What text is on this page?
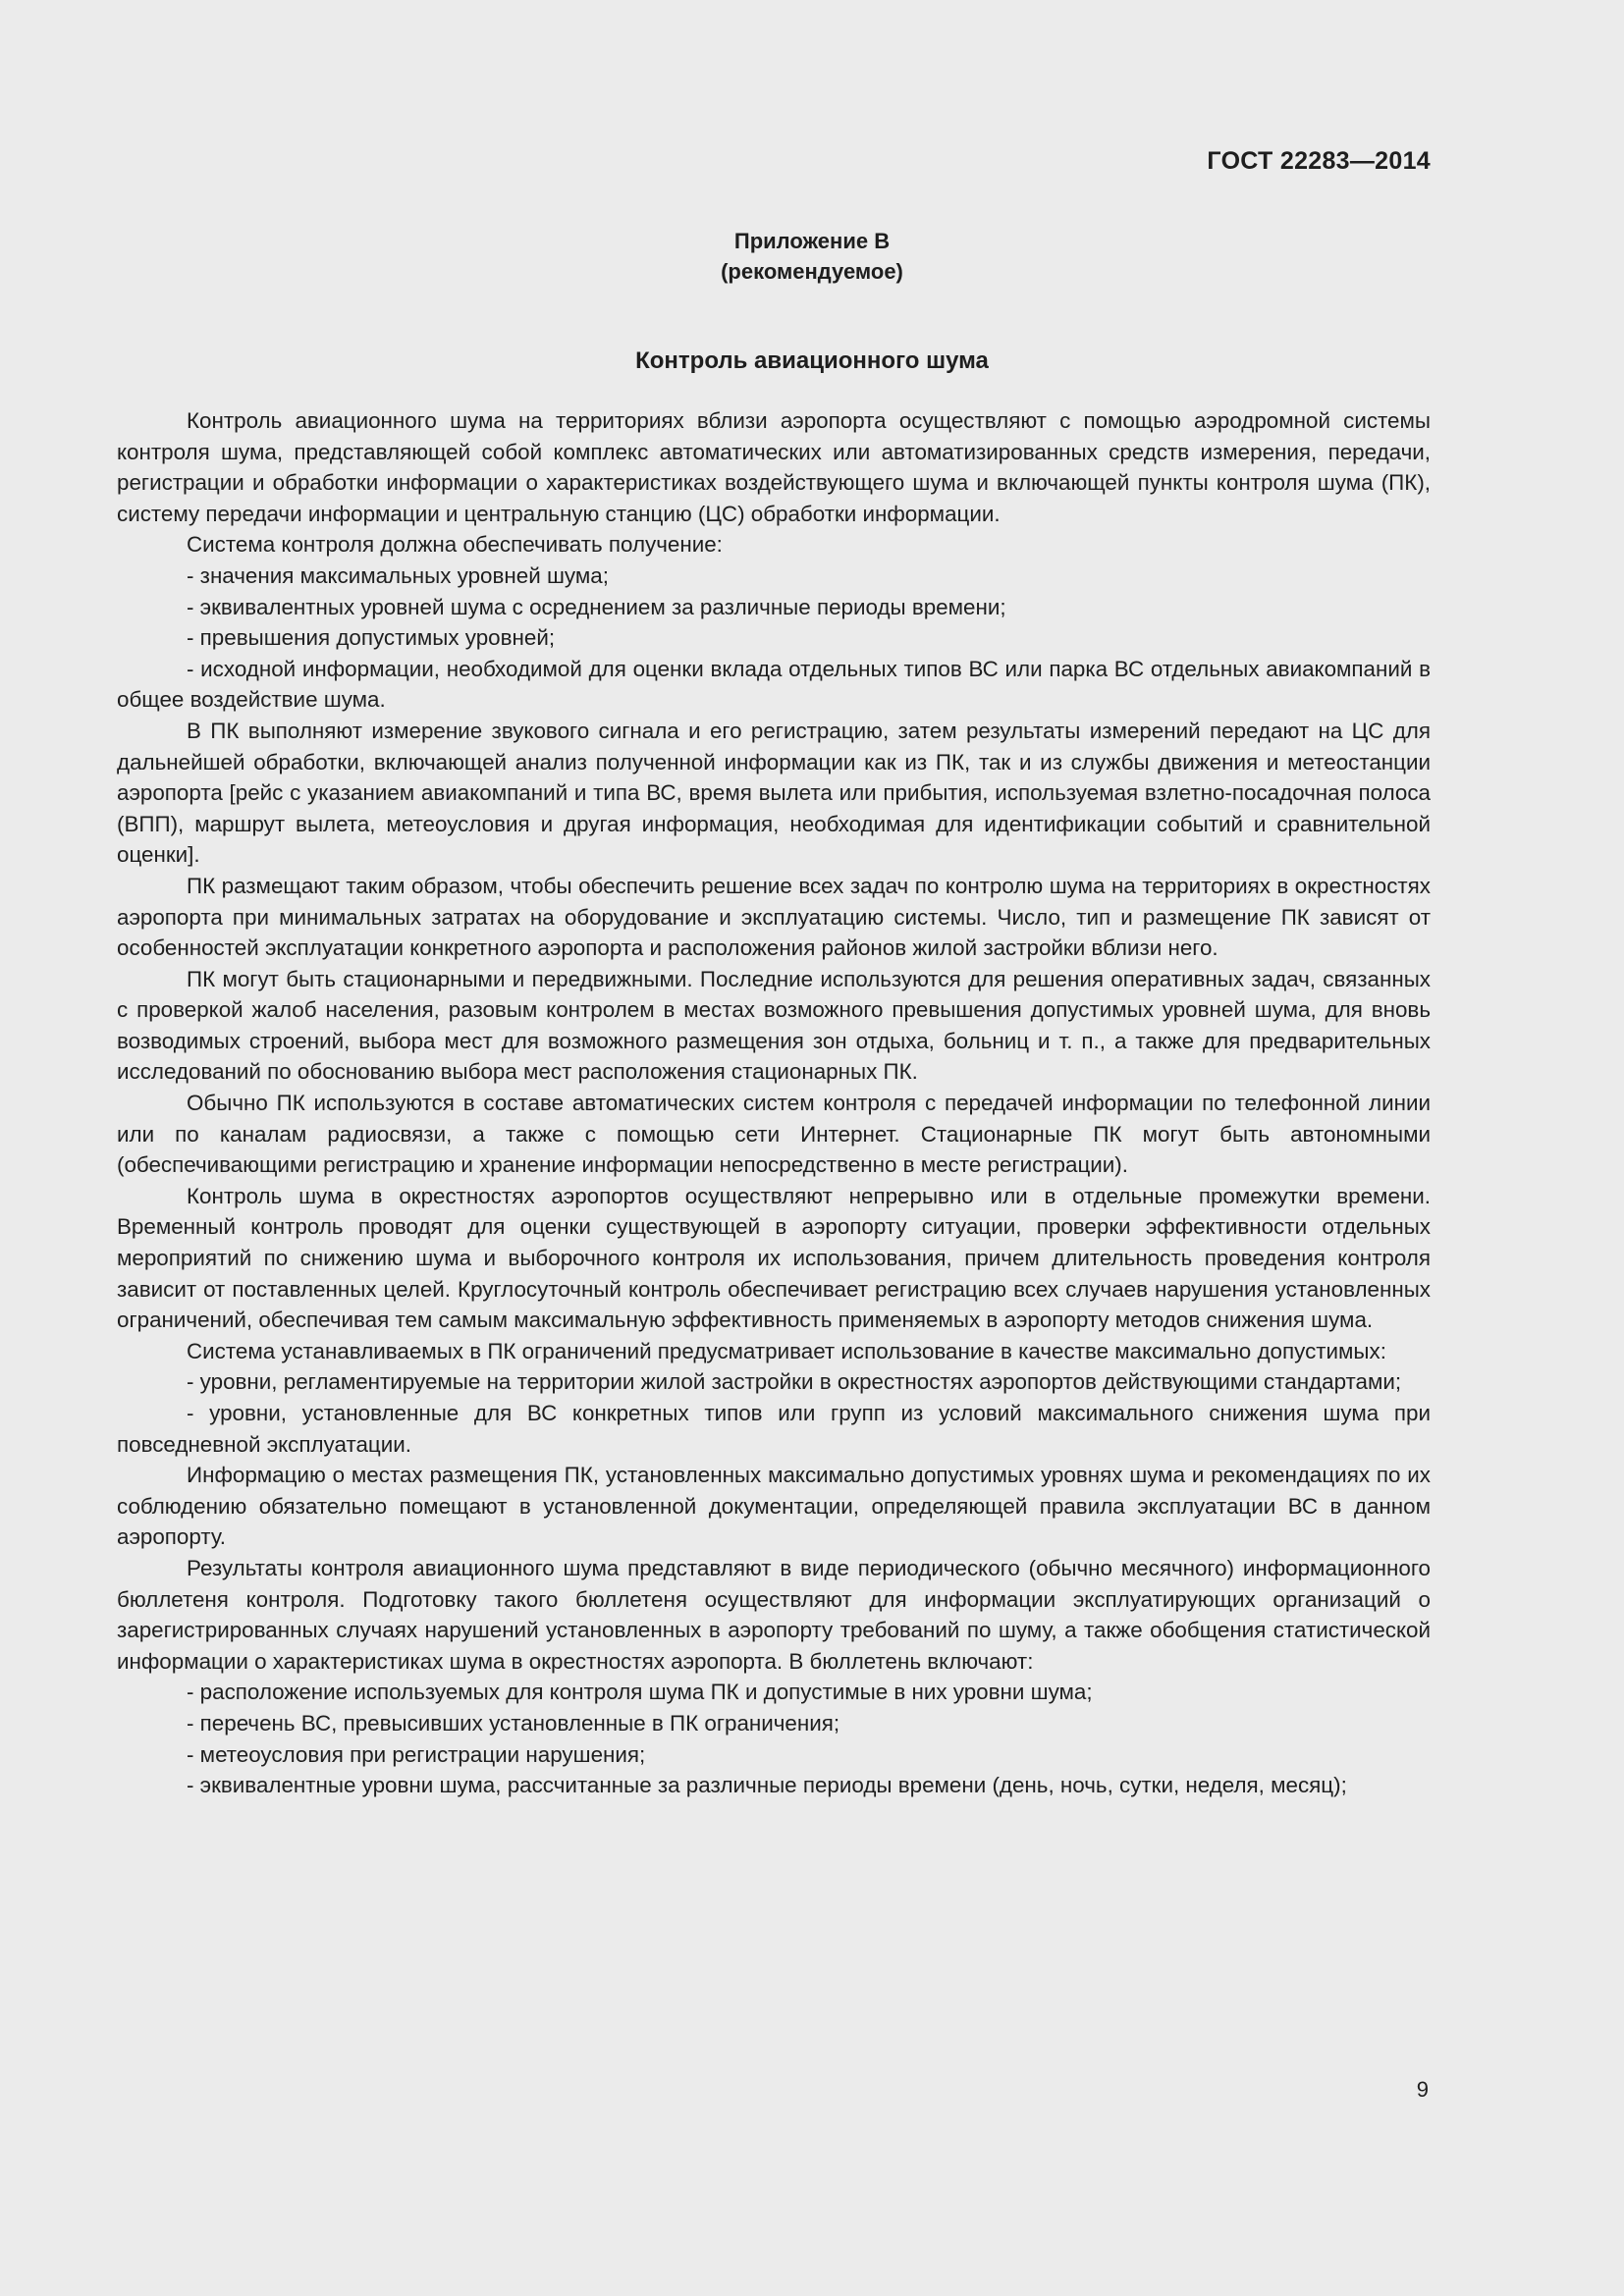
ГОСТ 22283—2014
Приложение В
(рекомендуемое)
Контроль авиационного шума

Контроль авиационного шума на территориях вблизи аэропорта осуществляют с помощью аэродромной системы контроля шума, представляющей собой комплекс автоматических или автоматизированных средств измерения, передачи, регистрации и обработки информации о характеристиках воздействующего шума и включающей пункты контроля шума (ПК), систему передачи информации и центральную станцию (ЦС) обработки информации.

Система контроля должна обеспечивать получение:

- значения максимальных уровней шума;

- эквивалентных уровней шума с осреднением за различные периоды времени;

- превышения допустимых уровней;

- исходной информации, необходимой для оценки вклада отдельных типов ВС или парка ВС отдельных авиакомпаний в общее воздействие шума.

В ПК выполняют измерение звукового сигнала и его регистрацию, затем результаты измерений передают на ЦС для дальнейшей обработки, включающей анализ полученной информации как из ПК, так и из службы движения и метеостанции аэропорта [рейс с указанием авиакомпаний и типа ВС, время вылета или прибытия, используемая взлетно-посадочная полоса (ВПП), маршрут вылета, метеоусловия и другая информация, необходимая для идентификации событий и сравнительной оценки].

ПК размещают таким образом, чтобы обеспечить решение всех задач по контролю шума на территориях в окрестностях аэропорта при минимальных затратах на оборудование и эксплуатацию системы. Число, тип и размещение ПК зависят от особенностей эксплуатации конкретного аэропорта и расположения районов жилой застройки вблизи него.

ПК могут быть стационарными и передвижными. Последние используются для решения оперативных задач, связанных с проверкой жалоб населения, разовым контролем в местах возможного превышения допустимых уровней шума, для вновь возводимых строений, выбора мест для возможного размещения зон отдыха, больниц и т. п., а также для предварительных исследований по обоснованию выбора мест расположения стационарных ПК.

Обычно ПК используются в составе автоматических систем контроля с передачей информации по телефонной линии или по каналам радиосвязи, а также с помощью сети Интернет. Стационарные ПК могут быть автономными (обеспечивающими регистрацию и хранение информации непосредственно в месте регистрации).

Контроль шума в окрестностях аэропортов осуществляют непрерывно или в отдельные промежутки времени. Временный контроль проводят для оценки существующей в аэропорту ситуации, проверки эффективности отдельных мероприятий по снижению шума и выборочного контроля их использования, причем длительность проведения контроля зависит от поставленных целей. Круглосуточный контроль обеспечивает регистрацию всех случаев нарушения установленных ограничений, обеспечивая тем самым максимальную эффективность применяемых в аэропорту методов снижения шума.

Система устанавливаемых в ПК ограничений предусматривает использование в качестве максимально допустимых:

- уровни, регламентируемые на территории жилой застройки в окрестностях аэропортов действующими стандартами;

- уровни, установленные для ВС конкретных типов или групп из условий максимального снижения шума при повседневной эксплуатации.

Информацию о местах размещения ПК, установленных максимально допустимых уровнях шума и рекомендациях по их соблюдению обязательно помещают в установленной документации, определяющей правила эксплуатации ВС в данном аэропорту.

Результаты контроля авиационного шума представляют в виде периодического (обычно месячного) информационного бюллетеня контроля. Подготовку такого бюллетеня осуществляют для информации эксплуатирующих организаций о зарегистрированных случаях нарушений установленных в аэропорту требований по шуму, а также обобщения статистической информации о характеристиках шума в окрестностях аэропорта. В бюллетень включают:

- расположение используемых для контроля шума ПК и допустимые в них уровни шума;

- перечень ВС, превысивших установленные в ПК ограничения;

- метеоусловия при регистрации нарушения;

- эквивалентные уровни шума, рассчитанные за различные периоды времени (день, ночь, сутки, неделя, месяц);

9
